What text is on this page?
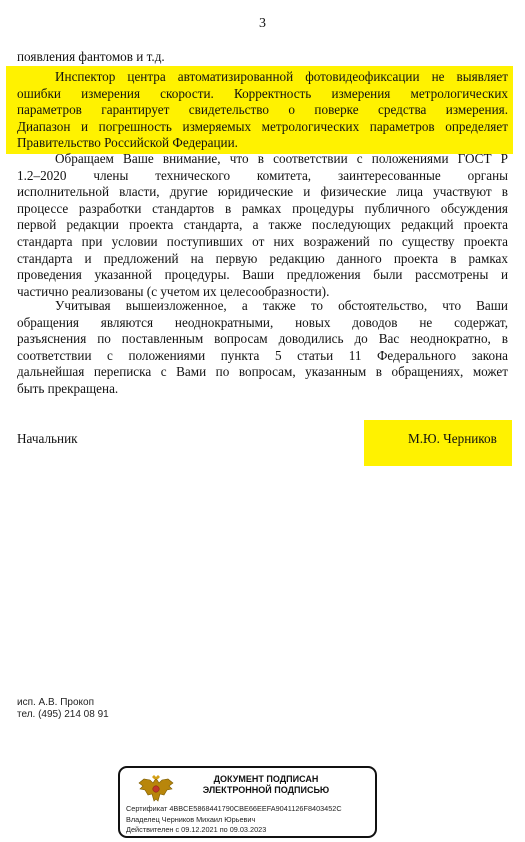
3
появления фантомов и т.д.
Инспектор центра автоматизированной фотовидеофиксации не выявляет
ошибки измерения скорости. Корректность измерения метрологических
параметров гарантирует свидетельство о поверке средства измерения.
Диапазон и погрешность измеряемых метрологических параметров определяет
Правительство Российской Федерации.
Обращаем Ваше внимание, что в соответствии с положениями ГОСТ Р
1.2–2020 члены технического комитета, заинтересованные органы
исполнительной власти, другие юридические и физические лица участвуют в
процессе разработки стандартов в рамках процедуры публичного обсуждения
первой редакции проекта стандарта, а также последующих редакций проекта
стандарта при условии поступивших от них возражений по существу проекта
стандарта и предложений на первую редакцию данного проекта в рамках
проведения указанной процедуры. Ваши предложения были рассмотрены и
частично реализованы (с учетом их целесообразности).
Учитывая вышеизложенное, а также то обстоятельство, что Ваши
обращения являются неоднократными, новых доводов не содержат,
разъяснения по поставленным вопросам доводились до Вас неоднократно, в
соответствии с положениями пункта 5 статьи 11 Федерального закона
дальнейшая переписка с Вами по вопросам, указанным в обращениях, может
быть прекращена.
Начальник	М.Ю. Черников
исп. А.В. Прокоп
тел. (495) 214 08 91
ДОКУМЕНТ ПОДПИСАН
ЭЛЕКТРОННОЙ ПОДПИСЬЮ
Сертификат 4BBCE5868441790CBE66EEFA9041126F8403452C
Владелец Черников Михаил Юрьевич
Действителен с 09.12.2021 по 09.03.2023
